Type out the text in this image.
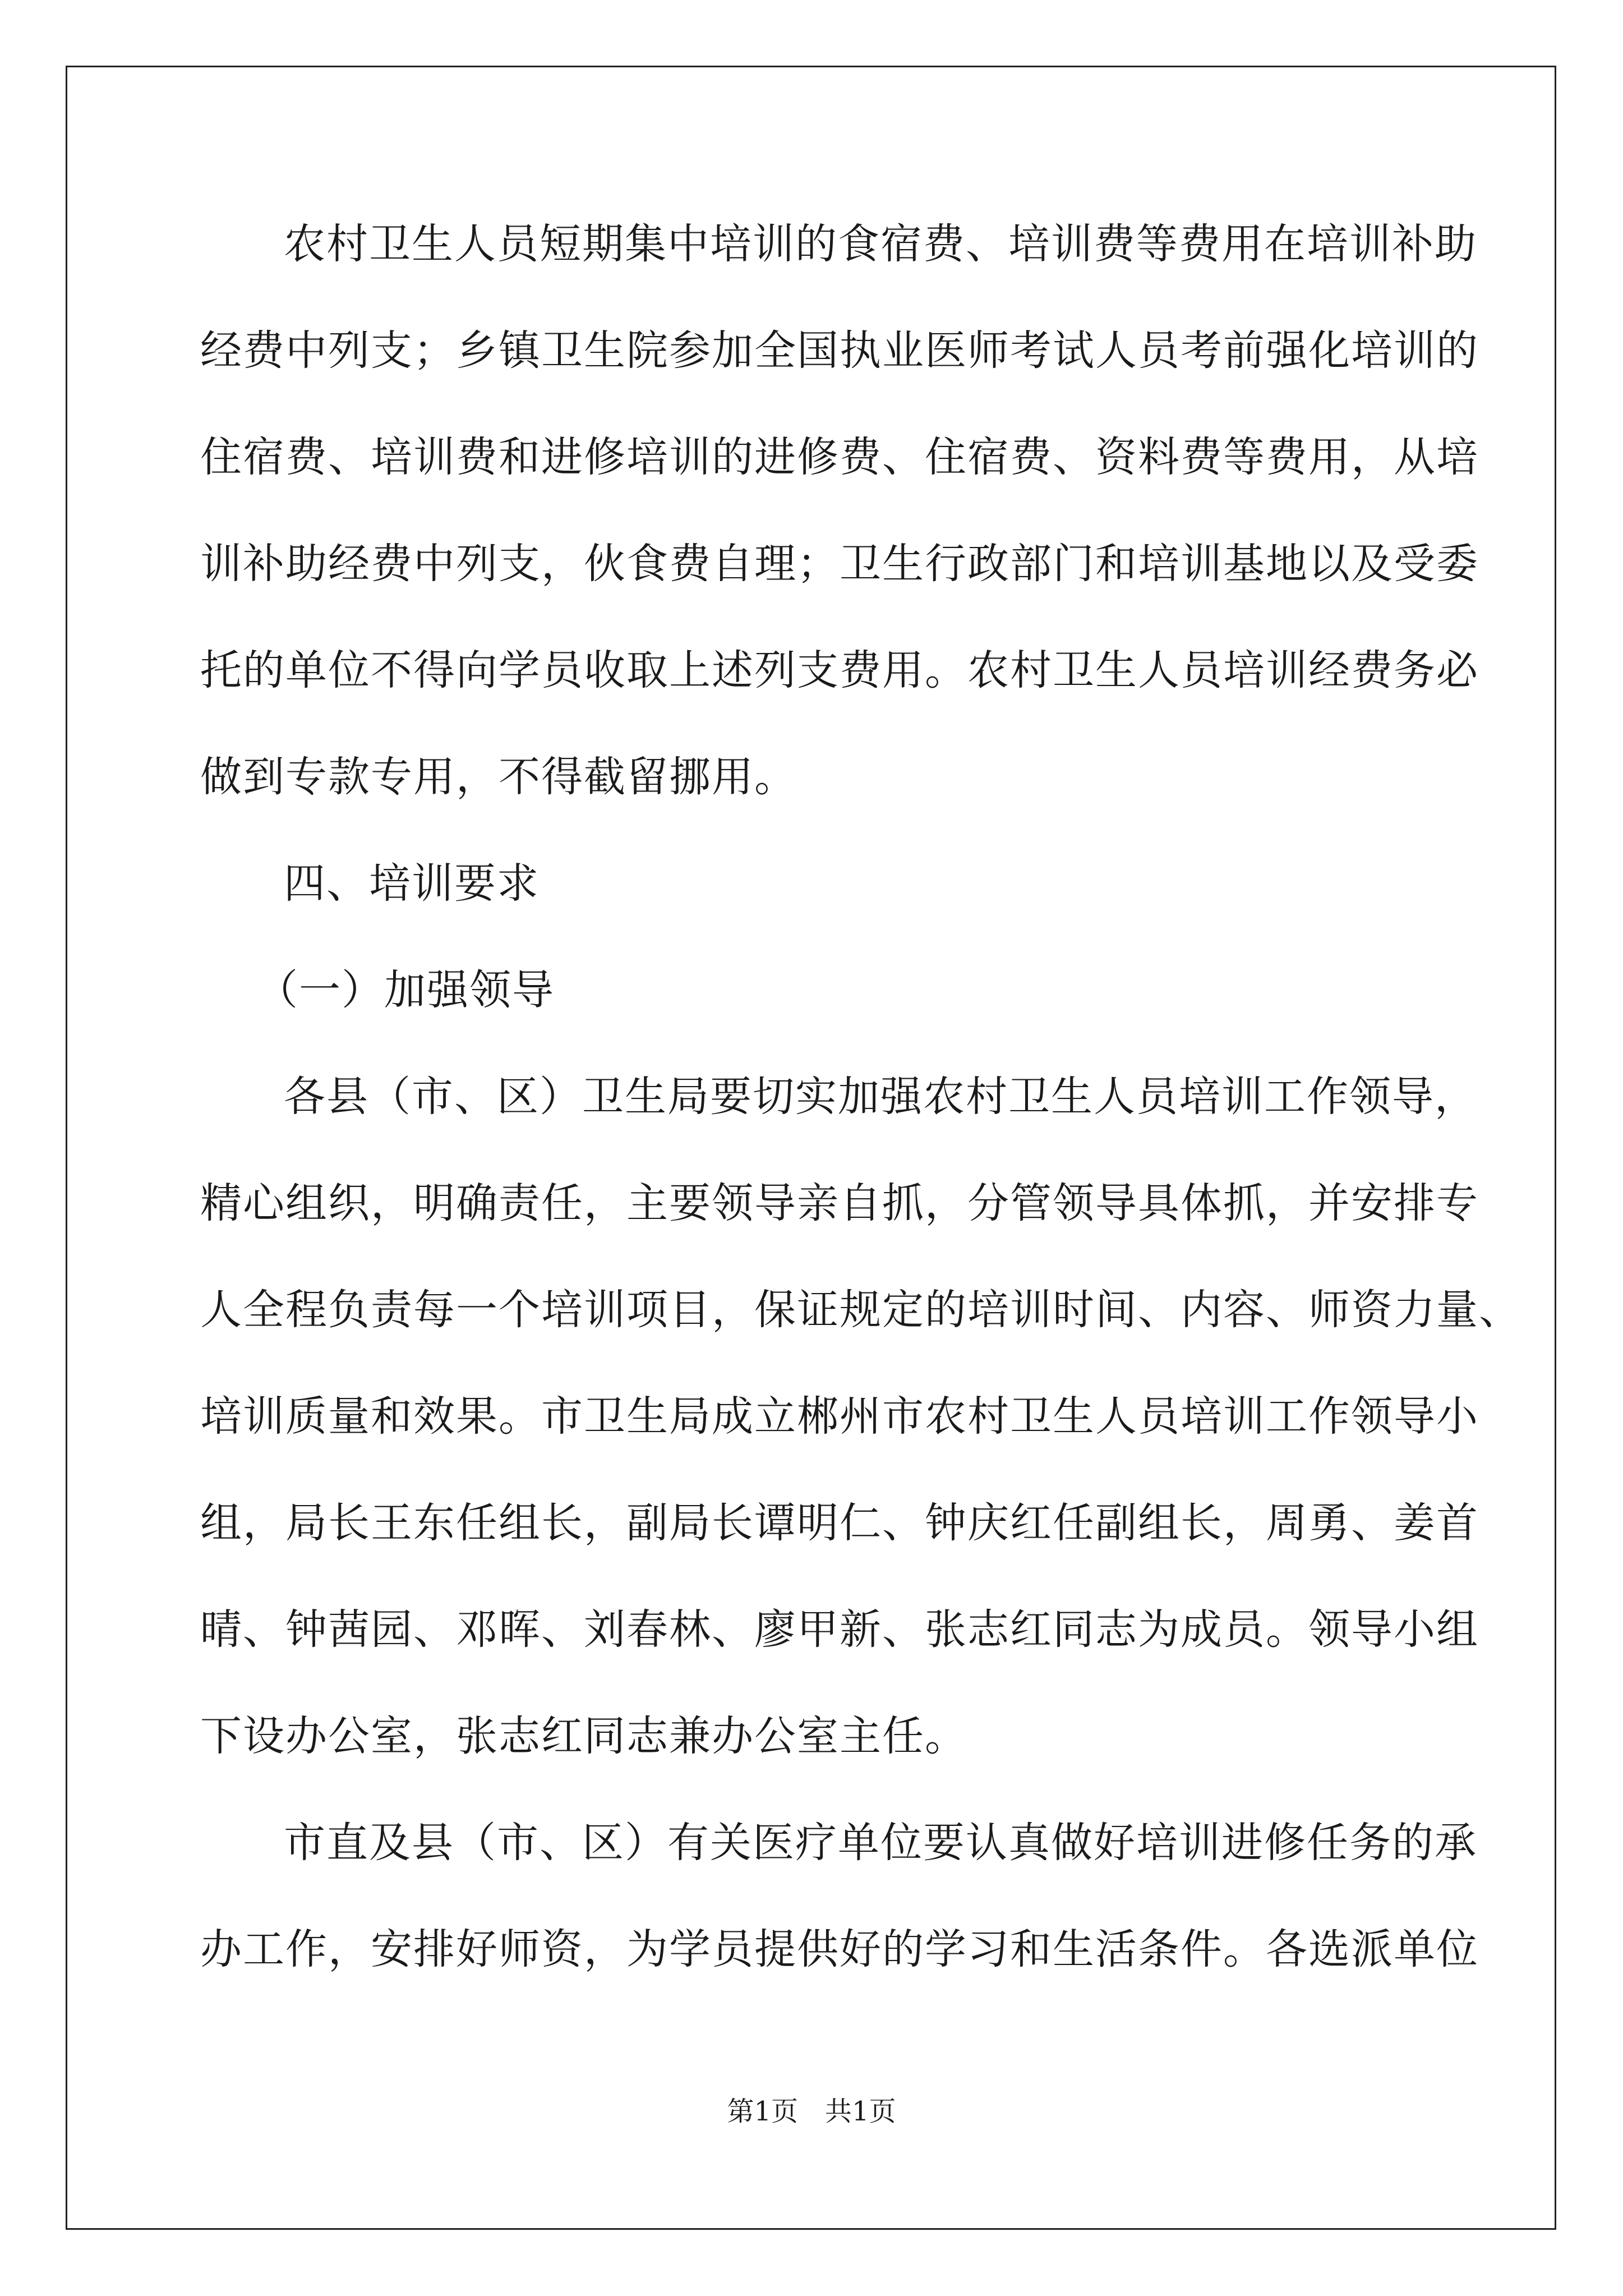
农村卫生人员短期集中培训的食宿费、培训费等费用在培训补助
经费中列支；乡镇卫生院参加全国执业医师考试人员考前强化培训的
住宿费、培训费和进修培训的进修费、住宿费、资料费等费用，从培
训补助经费中列支，伙食费自理；卫生行政部门和培训基地以及受委
托的单位不得向学员收取上述列支费用。农村卫生人员培训经费务必
做到专款专用，不得截留挪用。
四、培训要求
（一）加强领导
各县（市、区）卫生局要切实加强农村卫生人员培训工作领导，
精心组织，明确责任，主要领导亲自抓，分管领导具体抓，并安排专
人全程负责每一个培训项目，保证规定的培训时间、内容、师资力量、
培训质量和效果。市卫生局成立郴州市农村卫生人员培训工作领导小
组，局长王东任组长，副局长谭明仁、钟庆红任副组长，周勇、姜首
晴、钟茜园、邓晖、刘春林、廖甲新、张志红同志为成员。领导小组
下设办公室，张志红同志兼办公室主任。
市直及县（市、区）有关医疗单位要认真做好培训进修任务的承
办工作，安排好师资，为学员提供好的学习和生活条件。各选派单位
第1页　共1页
